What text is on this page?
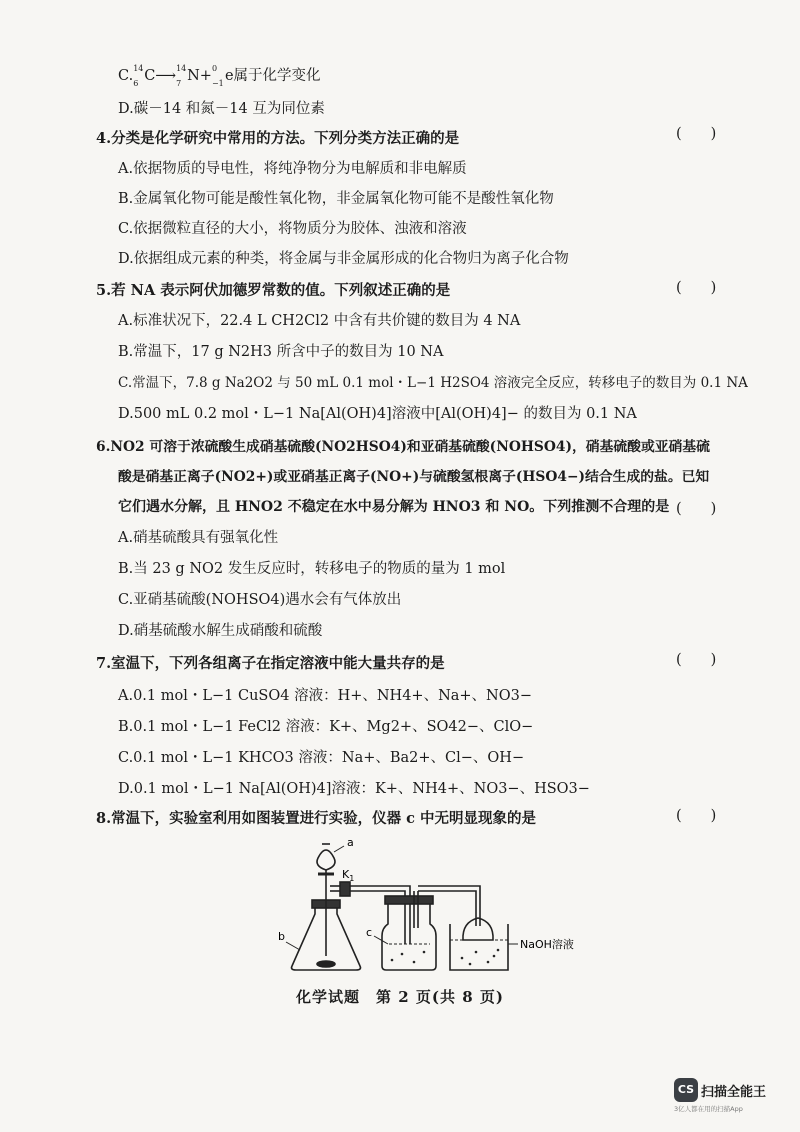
C. 14
6 C⟶ 14
7 N+ 0
−1 e属于化学变化
D.碳－14 和氮－14 互为同位素
4.分类是化学研究中常用的方法。下列分类方法正确的是	(　　)
A.依据物质的导电性，将纯净物分为电解质和非电解质
B.金属氧化物可能是酸性氧化物，非金属氧化物可能不是酸性氧化物
C.依据微粒直径的大小，将物质分为胶体、浊液和溶液
D.依据组成元素的种类，将金属与非金属形成的化合物归为离子化合物
5.若 NA 表示阿伏加德罗常数的值。下列叙述正确的是	(　　)
A.标准状况下，22.4 L CH2Cl2 中含有共价键的数目为 4 NA
B.常温下，17 g N2H3 所含中子的数目为 10 NA
C.常温下，7.8 g Na2O2 与 50 mL 0.1 mol・L−1 H2SO4 溶液完全反应，转移电子的数目为 0.1 NA
D.500 mL 0.2 mol・L−1 Na[Al(OH)4]溶液中[Al(OH)4]− 的数目为 0.1 NA
6.NO2 可溶于浓硫酸生成硝基硫酸(NO2HSO4)和亚硝基硫酸(NOHSO4)，硝基硫酸或亚硝基硫
酸是硝基正离子(NO2+)或亚硝基正离子(NO+)与硫酸氢根离子(HSO4−)结合生成的盐。已知
它们遇水分解，且 HNO2 不稳定在水中易分解为 HNO3 和 NO。下列推测不合理的是 (　　)
A.硝基硫酸具有强氧化性
B.当 23 g NO2 发生反应时，转移电子的物质的量为 1 mol
C.亚硝基硫酸(NOHSO4)遇水会有气体放出
D.硝基硫酸水解生成硝酸和硫酸
7.室温下，下列各组离子在指定溶液中能大量共存的是	(　　)
A.0.1 mol・L−1 CuSO4 溶液：H+、NH4+、Na+、NO3−
B.0.1 mol・L−1 FeCl2 溶液：K+、Mg2+、SO42−、ClO−
C.0.1 mol・L−1 KHCO3 溶液：Na+、Ba2+、Cl−、OH−
D.0.1 mol・L−1 Na[Al(OH)4]溶液：K+、NH4+、NO3−、HSO3−
8.常温下，实验室利用如图装置进行实验，仪器 c 中无明显现象的是	(　　)
a
$K_1$
b	c
NaOH溶液
化学试题　第 2 页(共 8 页)
CS 扫描全能王
3亿人都在用的扫描App
